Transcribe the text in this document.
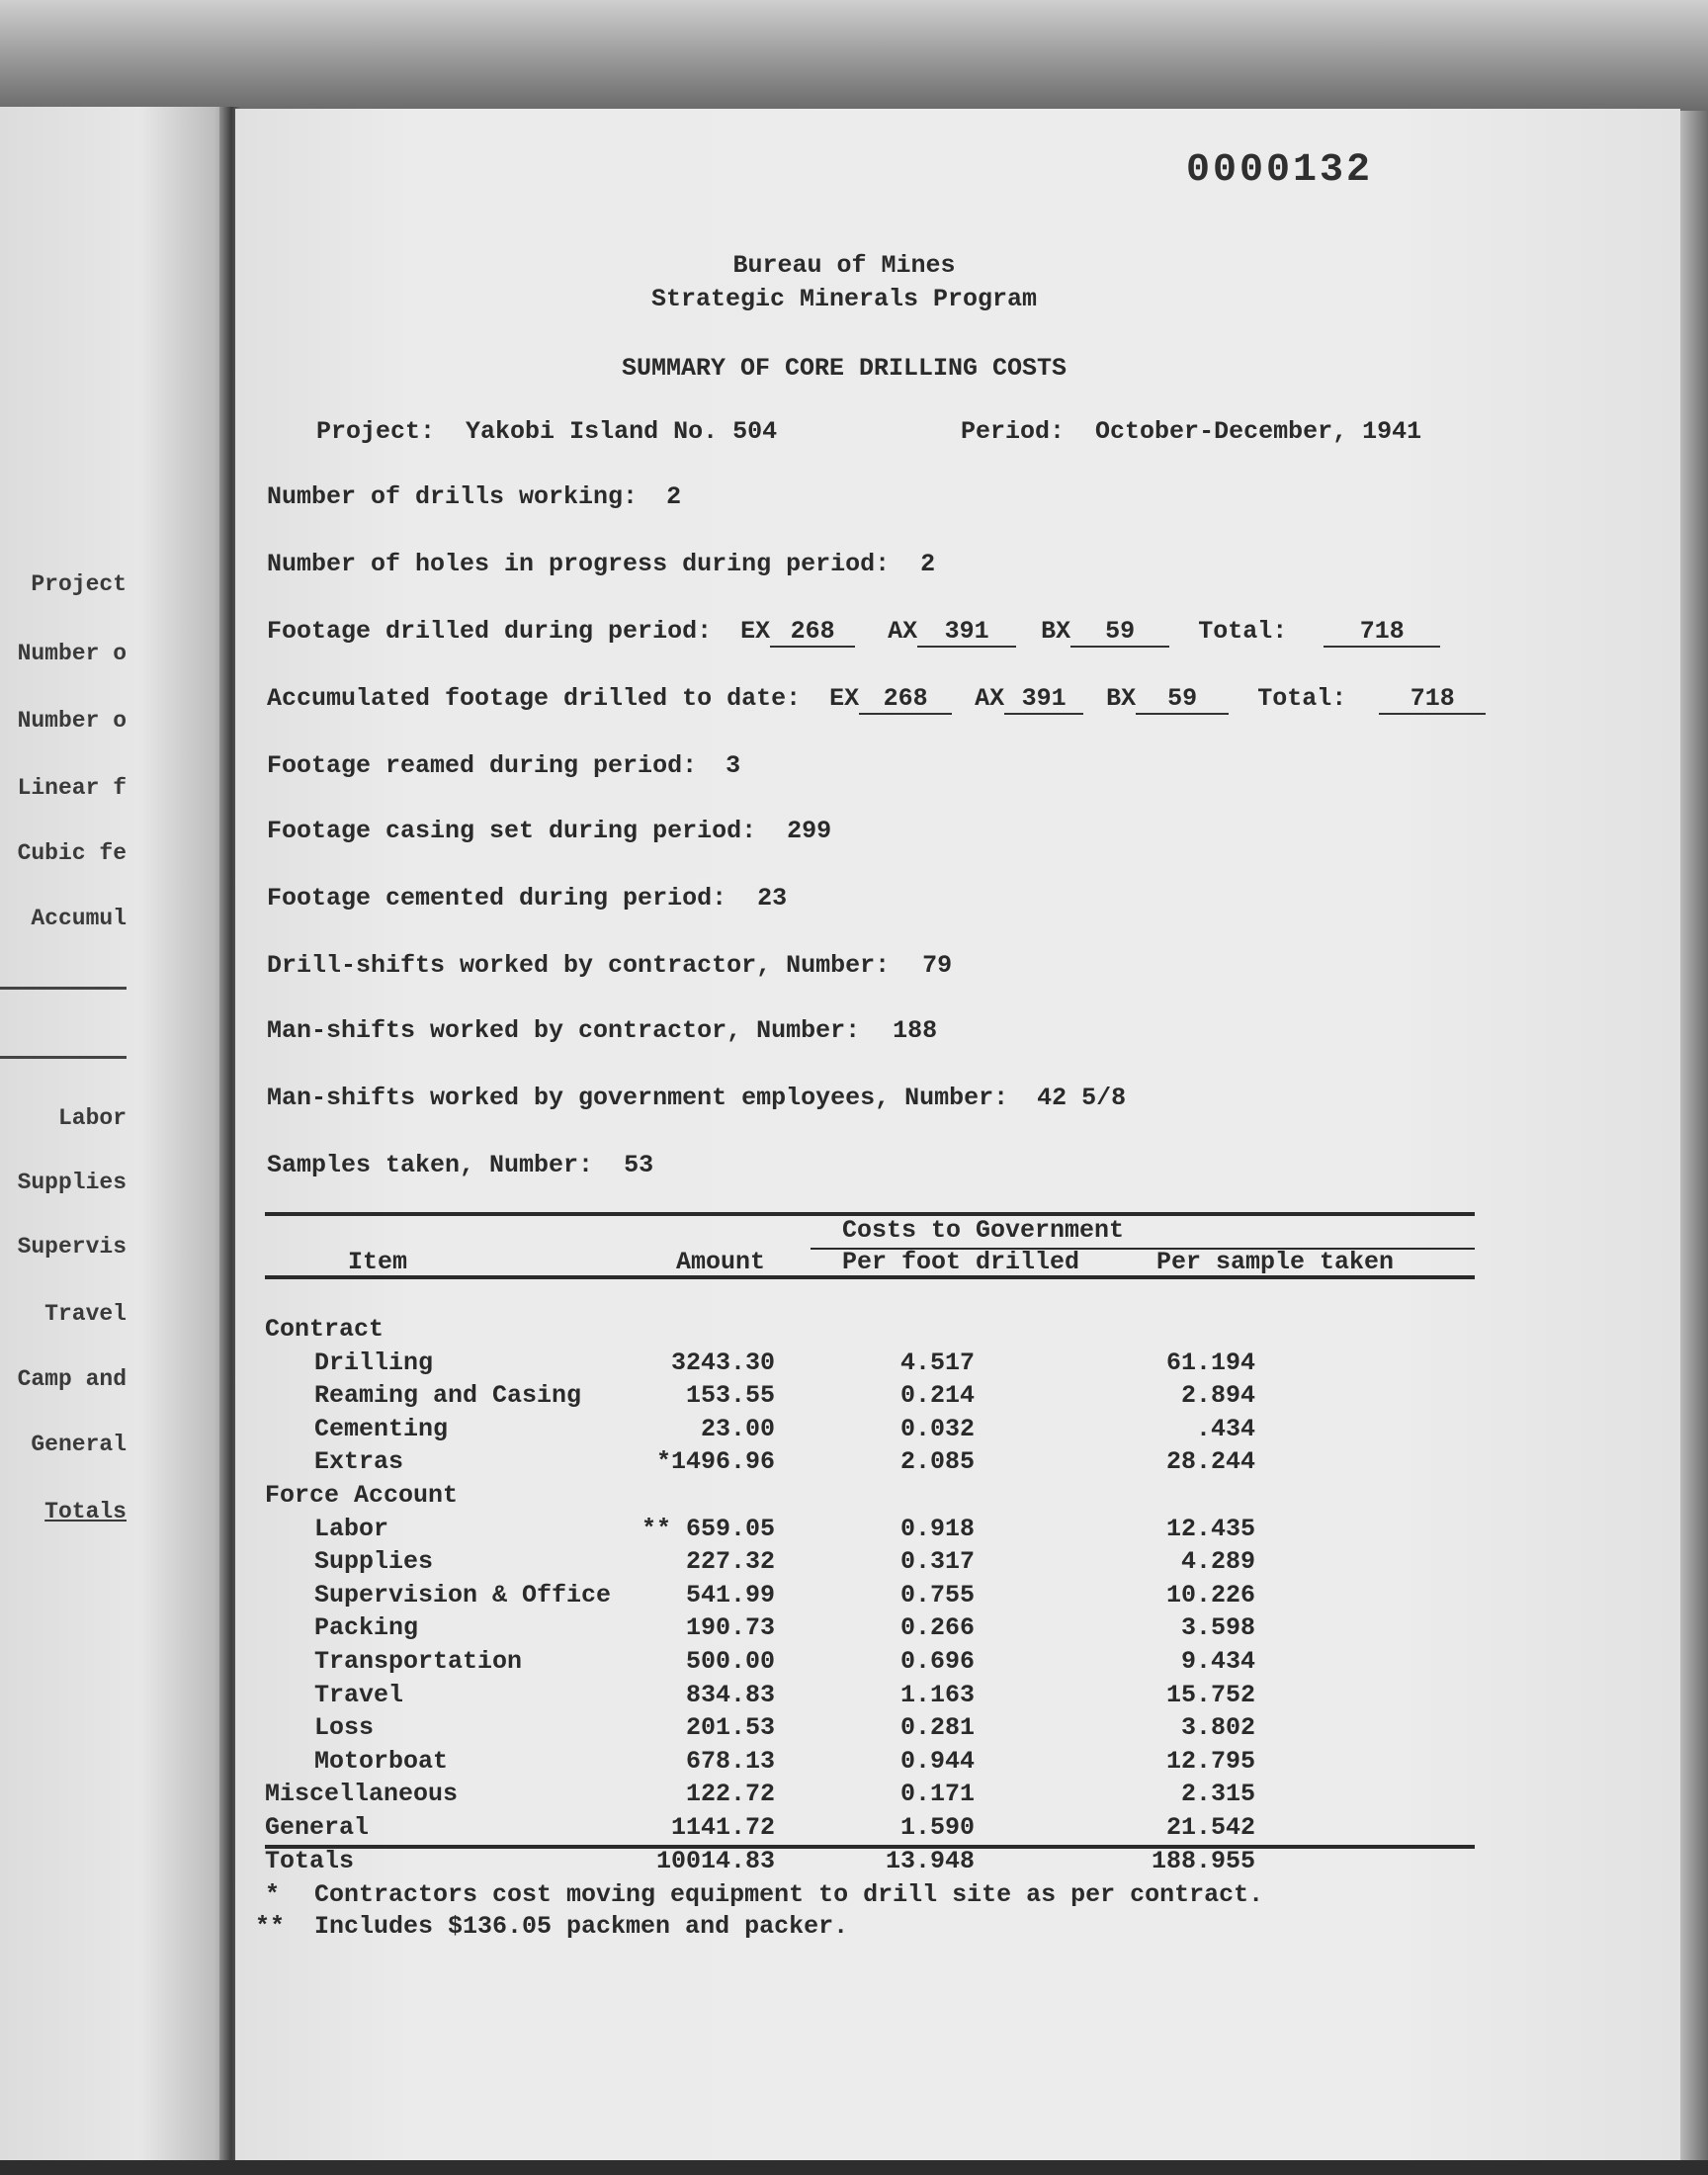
Project
Number o
Number o
Linear f
Cubic fe
Accumul
Labor
Supplies
Supervis
Travel
Camp and
General
Totals
0000132
Bureau of Mines
Strategic Minerals Program
SUMMARY OF CORE DRILLING COSTS
Project: Yakobi Island No. 504	Period: October-December, 1941
Number of drills working: 2
Number of holes in progress during period: 2
Footage drilled during period: EX 268 AX 391 BX 59	Total:	718
Accumulated footage drilled to date: EX 268 AX 391 BX 59 Total:	718
Footage reamed during period: 3
Footage casing set during period: 299
Footage cemented during period: 23
Drill-shifts worked by contractor, Number: 79
Man-shifts worked by contractor, Number: 188
Man-shifts worked by government employees, Number: 42 5/8
Samples taken, Number: 53
Costs to Government
Item	Amount	Per foot drilled	Per sample taken
Contract
Drilling	3243.30	4.517	61.194
Reaming and Casing	153.55	0.214	2.894
Cementing	23.00	0.032	.434
Extras	*1496.96	2.085	28.244
Force Account
Labor	** 659.05	0.918	12.435
Supplies	227.32	0.317	4.289
Supervision & Office	541.99	0.755	10.226
Packing	190.73	0.266	3.598
Transportation	500.00	0.696	9.434
Travel	834.83	1.163	15.752
Loss	201.53	0.281	3.802
Motorboat	678.13	0.944	12.795
Miscellaneous	122.72	0.171	2.315
General	1141.72	1.590	21.542
Totals	10014.83	13.948	188.955
* Contractors cost moving equipment to drill site as per contract.
** Includes $136.05 packmen and packer.
